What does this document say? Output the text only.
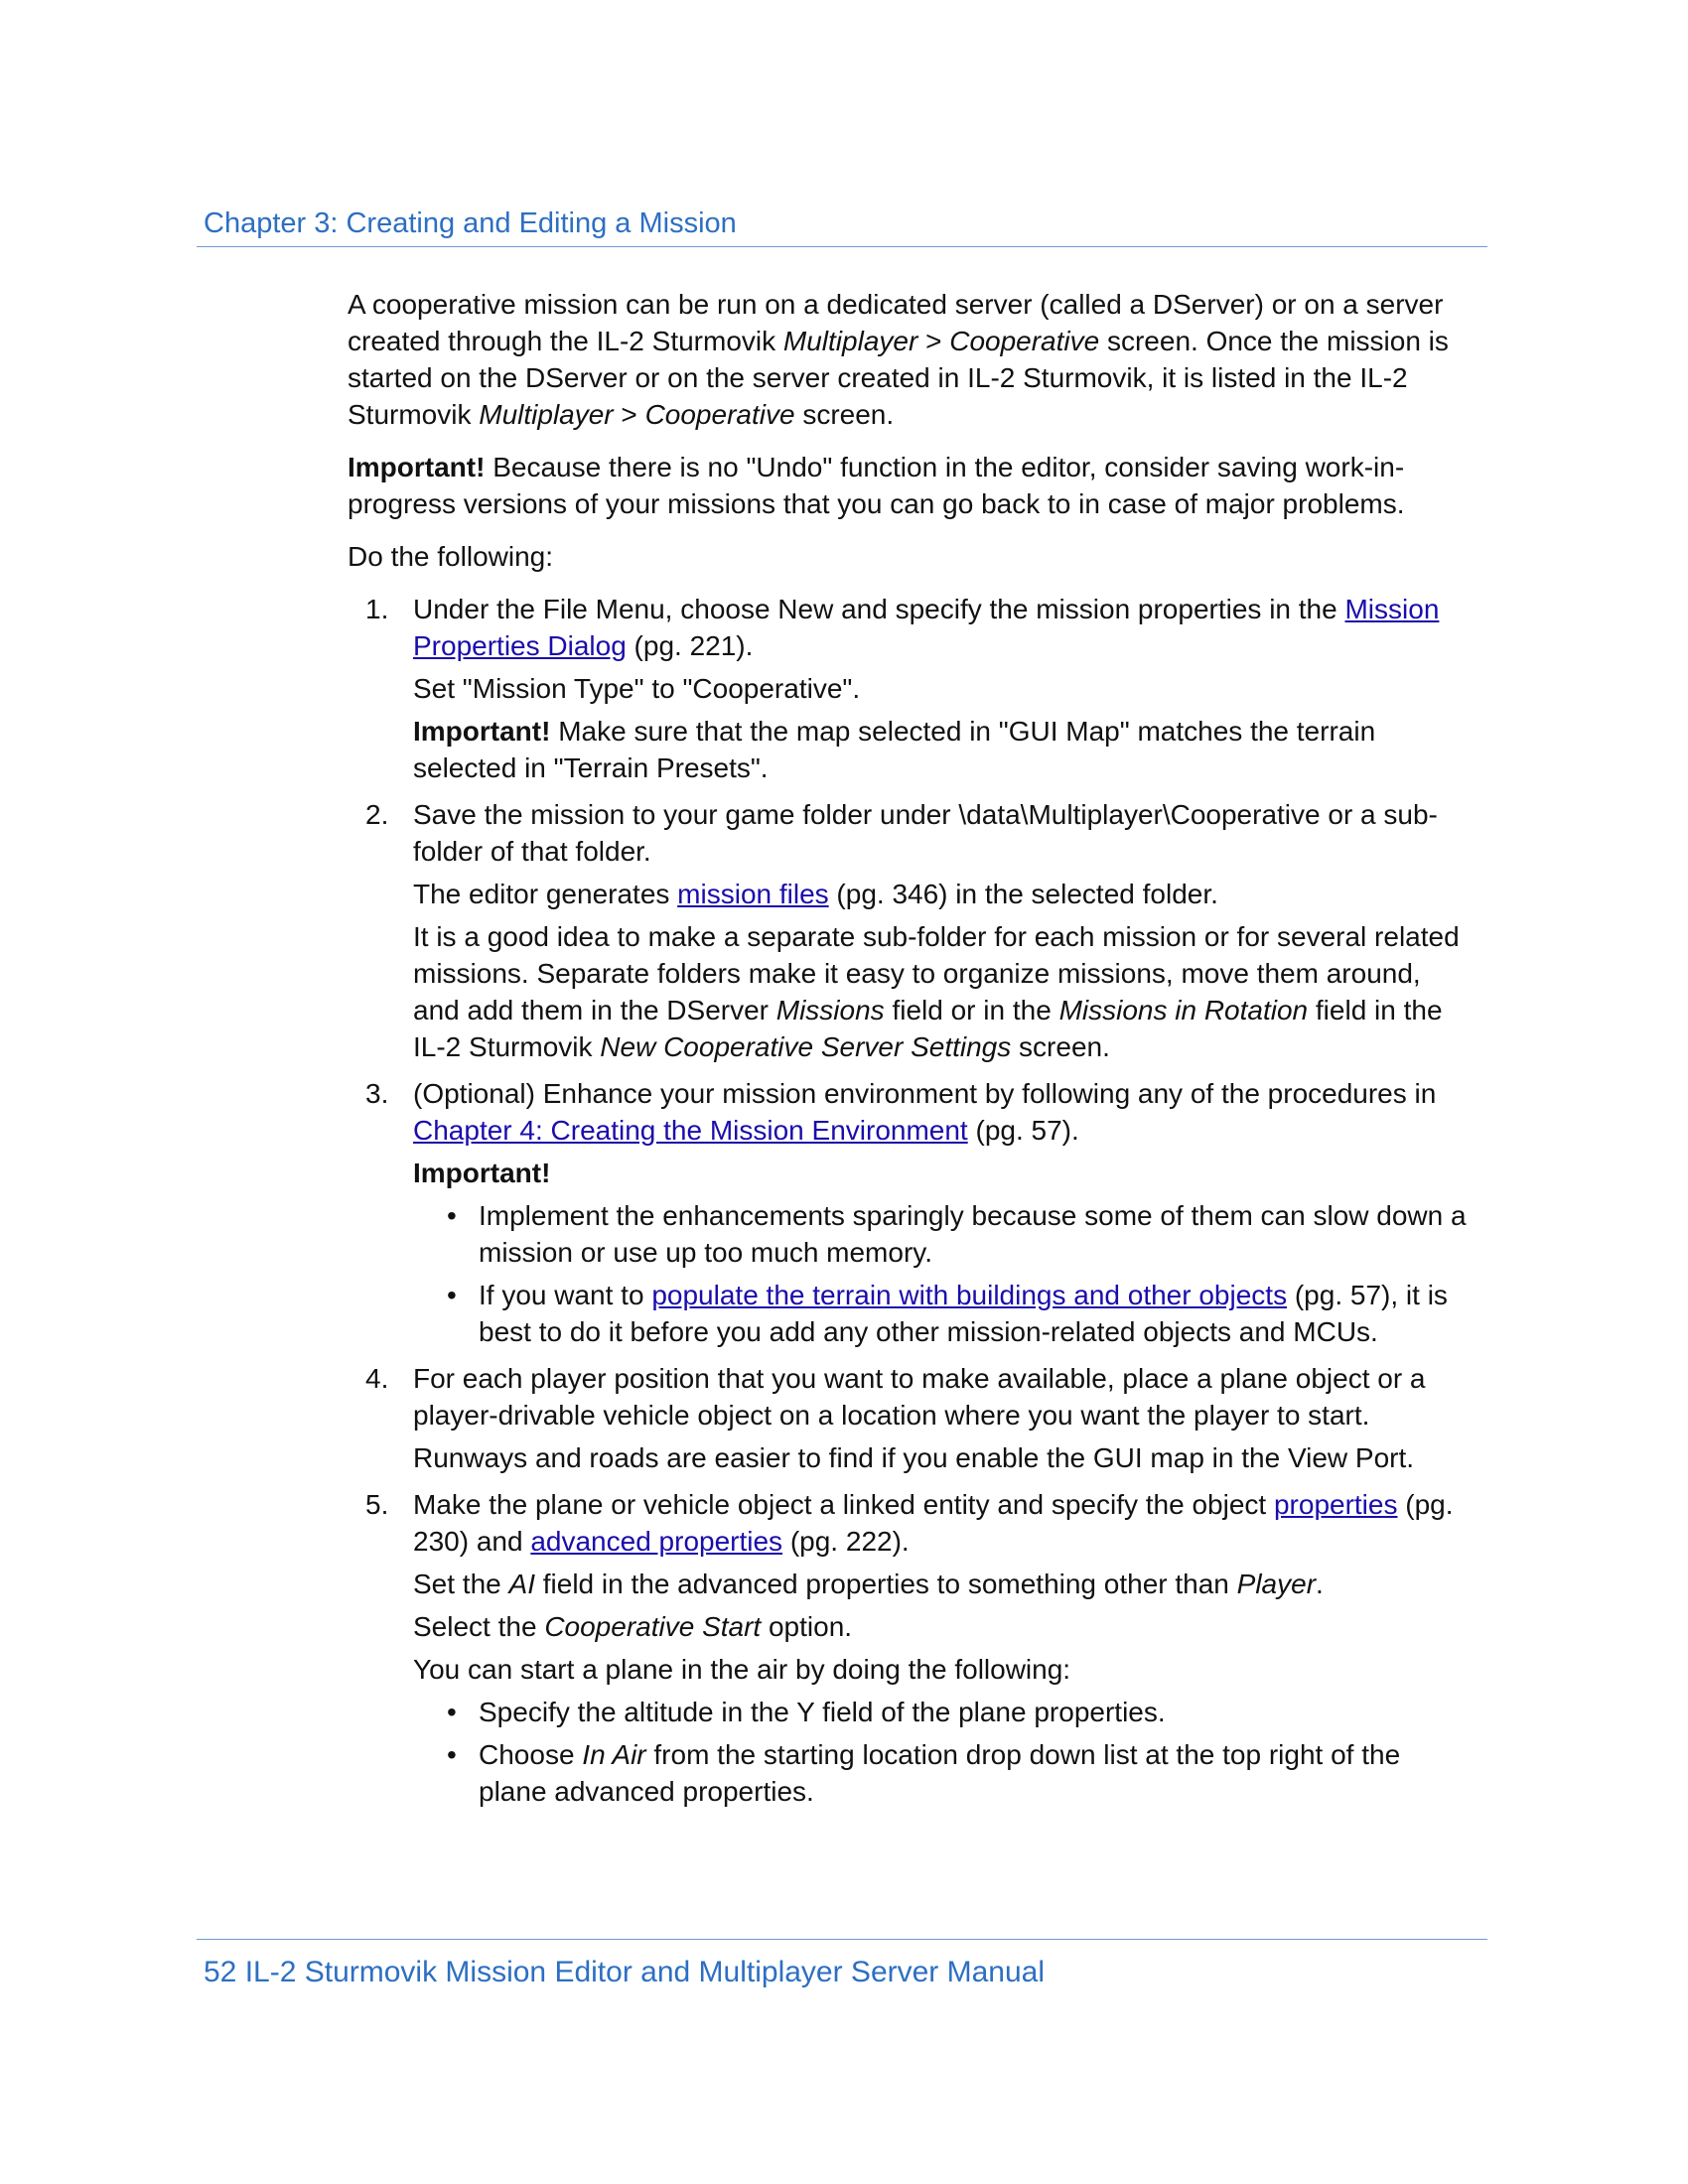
Chapter 3: Creating and Editing a Mission

A cooperative mission can be run on a dedicated server (called a DServer) or on a server created through the IL-2 Sturmovik Multiplayer > Cooperative screen. Once the mission is started on the DServer or on the server created in IL-2 Sturmovik, it is listed in the IL-2 Sturmovik Multiplayer > Cooperative screen.

Important! Because there is no "Undo" function in the editor, consider saving work-in-progress versions of your missions that you can go back to in case of major problems.

Do the following:

1. Under the File Menu, choose New and specify the mission properties in the Mission Properties Dialog (pg. 221).

Set "Mission Type" to "Cooperative".

Important! Make sure that the map selected in "GUI Map" matches the terrain selected in "Terrain Presets".

2. Save the mission to your game folder under \data\Multiplayer\Cooperative or a sub-folder of that folder.

The editor generates mission files (pg. 346) in the selected folder.

It is a good idea to make a separate sub-folder for each mission or for several related missions. Separate folders make it easy to organize missions, move them around, and add them in the DServer Missions field or in the Missions in Rotation field in the IL-2 Sturmovik New Cooperative Server Settings screen.

3. (Optional) Enhance your mission environment by following any of the procedures in Chapter 4: Creating the Mission Environment (pg. 57).

Important!

• Implement the enhancements sparingly because some of them can slow down a mission or use up too much memory.
• If you want to populate the terrain with buildings and other objects (pg. 57), it is best to do it before you add any other mission-related objects and MCUs.
4. For each player position that you want to make available, place a plane object or a player-drivable vehicle object on a location where you want the player to start.

Runways and roads are easier to find if you enable the GUI map in the View Port.

5. Make the plane or vehicle object a linked entity and specify the object properties (pg. 230) and advanced properties (pg. 222).

Set the AI field in the advanced properties to something other than Player.

Select the Cooperative Start option.

You can start a plane in the air by doing the following:

• Specify the altitude in the Y field of the plane properties.
• Choose In Air from the starting location drop down list at the top right of the plane advanced properties.
52 IL-2 Sturmovik Mission Editor and Multiplayer Server Manual
